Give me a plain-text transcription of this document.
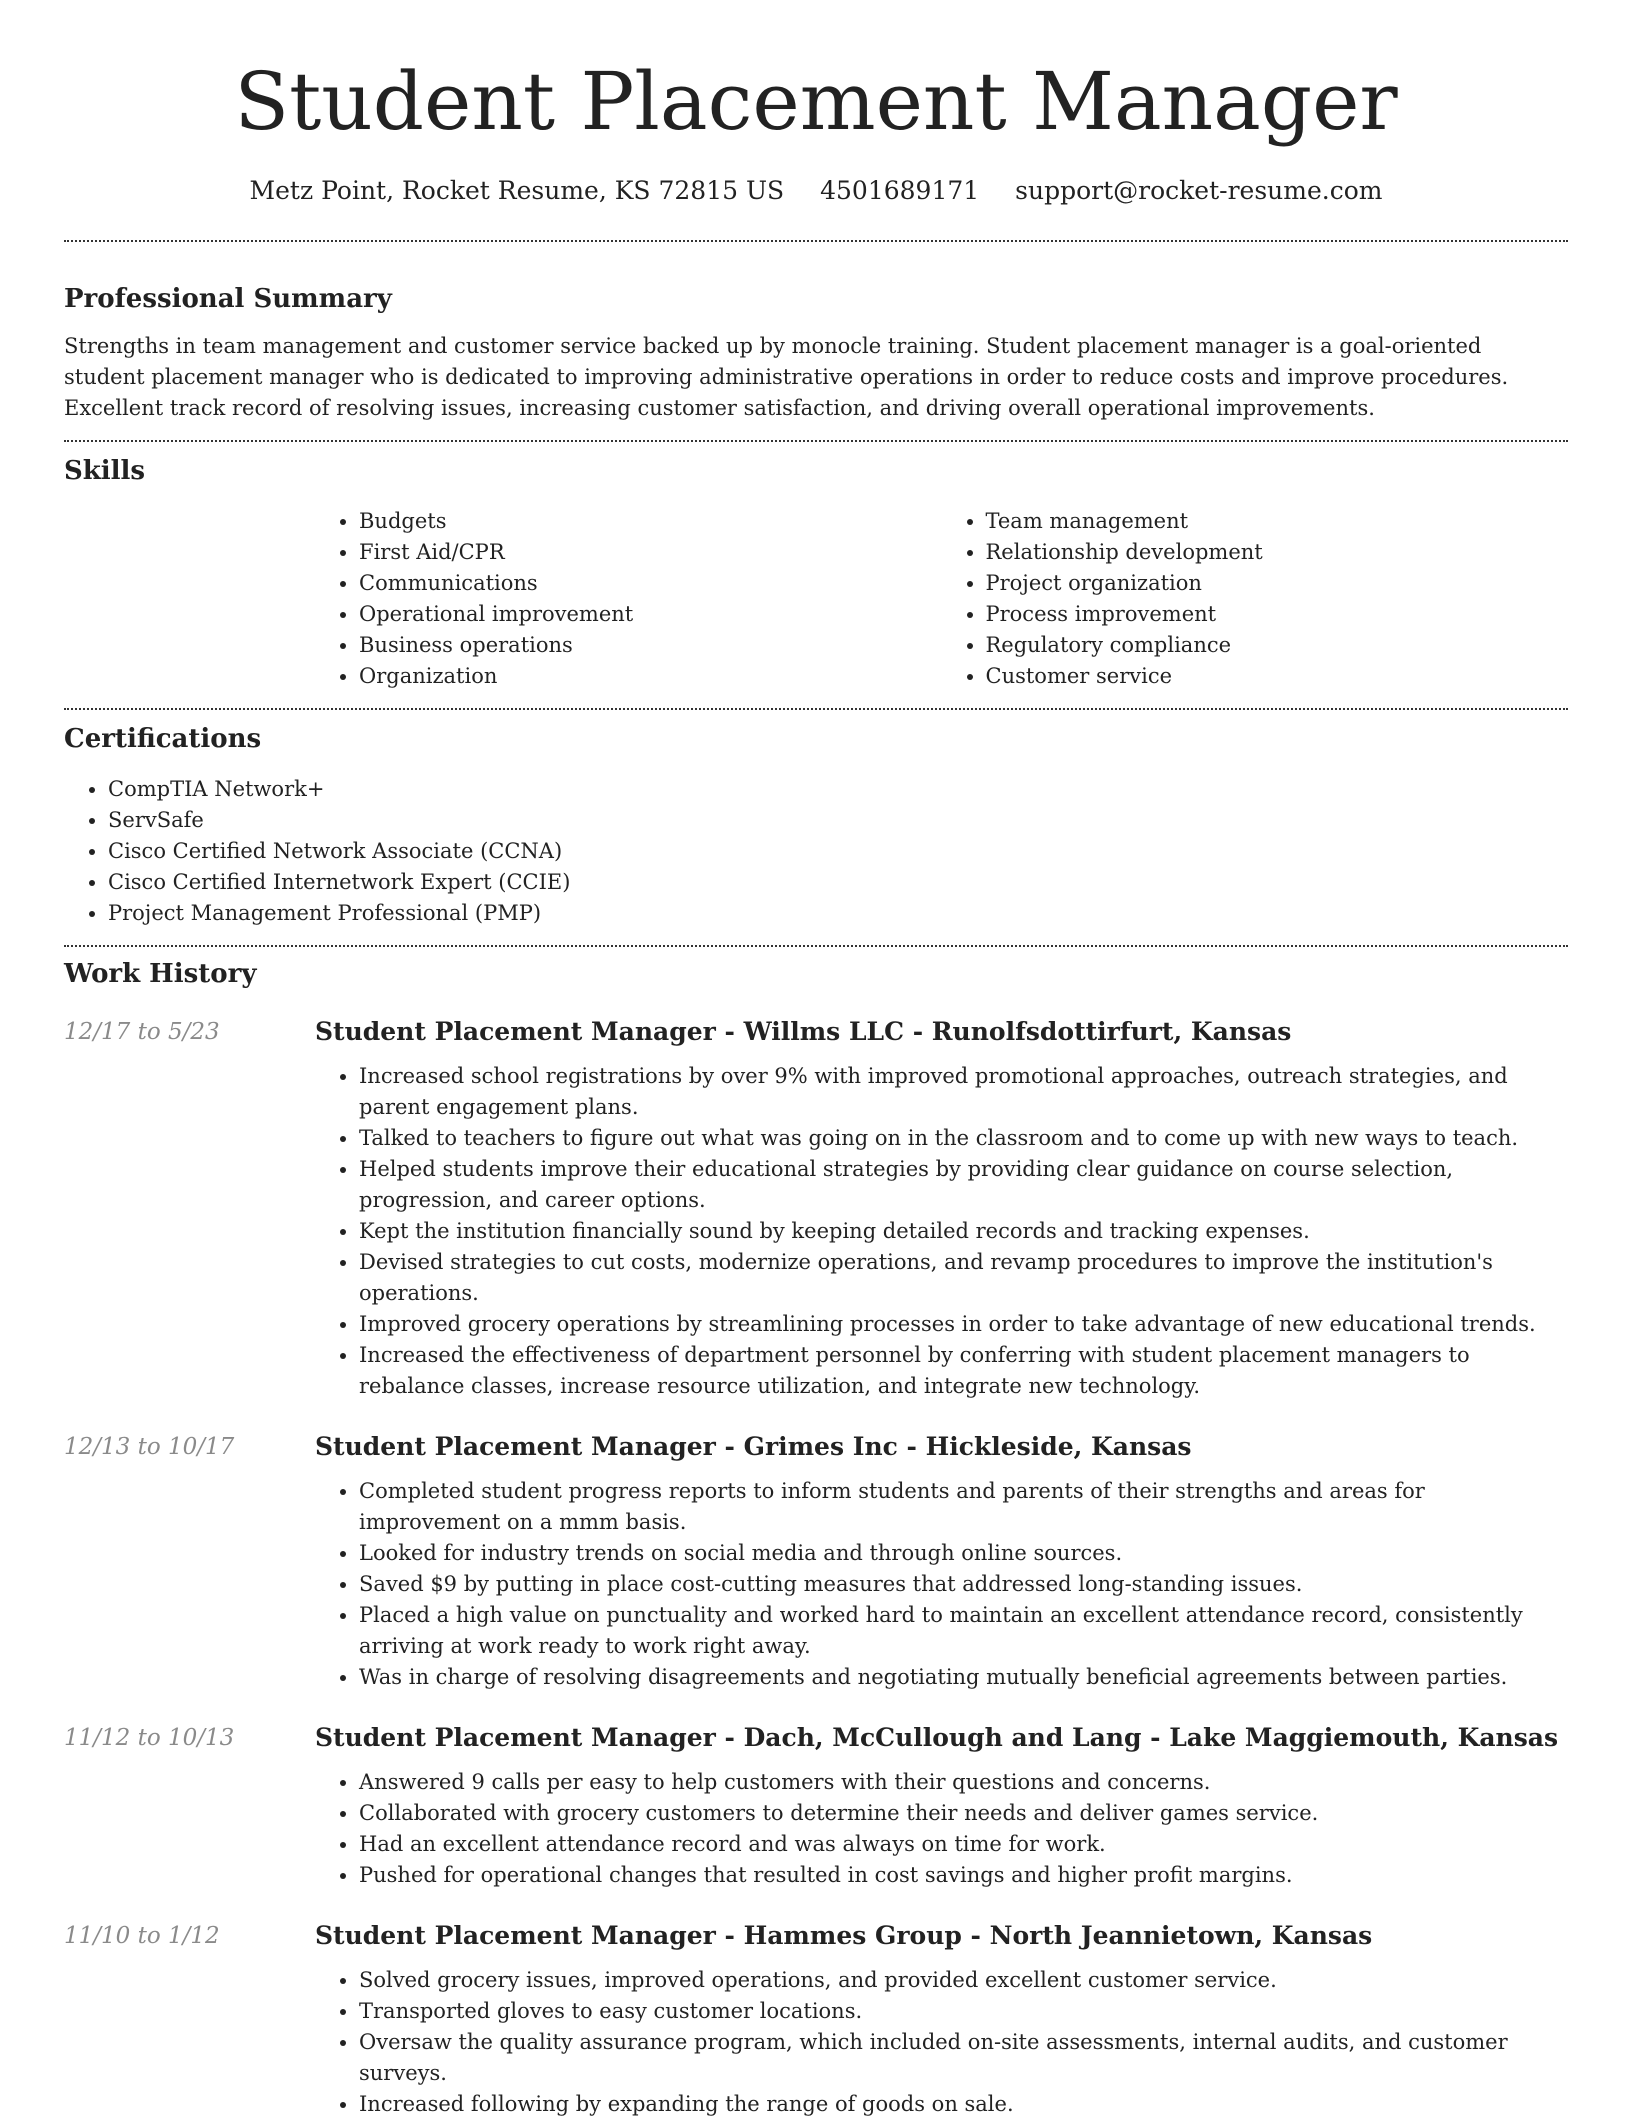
Student Placement Manager
Metz Point, Rocket Resume, KS 72815 US 4501689171 support@rocket-resume.com
Professional Summary

Strengths in team management and customer service backed up by monocle training. Student placement manager is a goal-oriented student placement manager who is dedicated to improving administrative operations in order to reduce costs and improve procedures. Excellent track record of resolving issues, increasing customer satisfaction, and driving overall operational improvements.

Skills
• Budgets
• First Aid/CPR
• Communications
• Operational improvement
• Business operations
• Organization
• Team management
• Relationship development
• Project organization
• Process improvement
• Regulatory compliance
• Customer service
Certifications
• CompTIA Network+
• ServSafe
• Cisco Certified Network Associate (CCNA)
• Cisco Certified Internetwork Expert (CCIE)
• Project Management Professional (PMP)
Work History
12/17 to 5/23	Student Placement Manager - Willms LLC - Runolfsdottirfurt, Kansas
• Increased school registrations by over 9% with improved promotional approaches, outreach strategies, and parent engagement plans.
• Talked to teachers to figure out what was going on in the classroom and to come up with new ways to teach.
• Helped students improve their educational strategies by providing clear guidance on course selection, progression, and career options.
• Kept the institution financially sound by keeping detailed records and tracking expenses.
• Devised strategies to cut costs, modernize operations, and revamp procedures to improve the institution's operations.
• Improved grocery operations by streamlining processes in order to take advantage of new educational trends.
• Increased the effectiveness of department personnel by conferring with student placement managers to rebalance classes, increase resource utilization, and integrate new technology.
12/13 to 10/17	Student Placement Manager - Grimes Inc - Hickleside, Kansas
• Completed student progress reports to inform students and parents of their strengths and areas for improvement on a mmm basis.
• Looked for industry trends on social media and through online sources.
• Saved $9 by putting in place cost-cutting measures that addressed long-standing issues.
• Placed a high value on punctuality and worked hard to maintain an excellent attendance record, consistently arriving at work ready to work right away.
• Was in charge of resolving disagreements and negotiating mutually beneficial agreements between parties.
11/12 to 10/13	Student Placement Manager - Dach, McCullough and Lang - Lake Maggiemouth, Kansas
• Answered 9 calls per easy to help customers with their questions and concerns.
• Collaborated with grocery customers to determine their needs and deliver games service.
• Had an excellent attendance record and was always on time for work.
• Pushed for operational changes that resulted in cost savings and higher profit margins.
11/10 to 1/12	Student Placement Manager - Hammes Group - North Jeannietown, Kansas
• Solved grocery issues, improved operations, and provided excellent customer service.
• Transported gloves to easy customer locations.
• Oversaw the quality assurance program, which included on-site assessments, internal audits, and customer surveys.
• Increased following by expanding the range of goods on sale.
